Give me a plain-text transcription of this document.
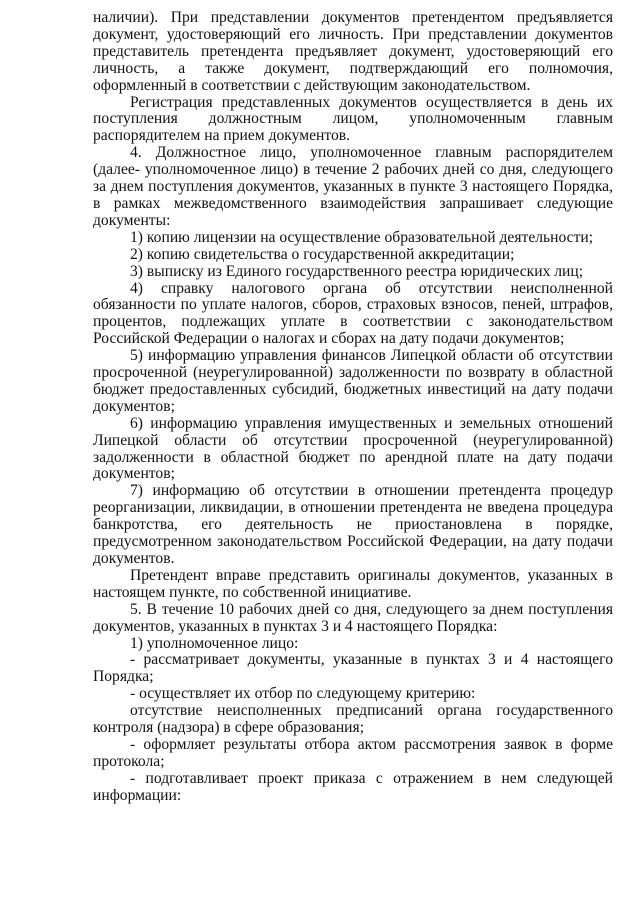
наличии). При представлении документов претендентом предъявляется документ, удостоверяющий его личность. При представлении документов представитель претендента предъявляет документ, удостоверяющий его личность, а также документ, подтверждающий его полномочия, оформленный в соответствии с действующим законодательством.

Регистрация представленных документов осуществляется в день их поступления должностным лицом, уполномоченным главным распорядителем на прием документов.

4. Должностное лицо, уполномоченное главным распорядителем (далее- уполномоченное лицо) в течение 2 рабочих дней со дня, следующего за днем поступления документов, указанных в пункте 3 настоящего Порядка, в рамках межведомственного взаимодействия запрашивает следующие документы:

1) копию лицензии на осуществление образовательной деятельности;

2) копию свидетельства о государственной аккредитации;

3) выписку из Единого государственного реестра юридических лиц;

4) справку налогового органа об отсутствии неисполненной обязанности по уплате налогов, сборов, страховых взносов, пеней, штрафов, процентов, подлежащих уплате в соответствии с законодательством Российской Федерации о налогах и сборах на дату подачи документов;

5) информацию управления финансов Липецкой области об отсутствии просроченной (неурегулированной) задолженности по возврату в областной бюджет предоставленных субсидий, бюджетных инвестиций на дату подачи документов;

6) информацию управления имущественных и земельных отношений Липецкой области об отсутствии просроченной (неурегулированной) задолженности в областной бюджет по арендной плате на дату подачи документов;

7) информацию об отсутствии в отношении претендента процедур реорганизации, ликвидации, в отношении претендента не введена процедура банкротства, его деятельность не приостановлена в порядке, предусмотренном законодательством Российской Федерации, на дату подачи документов.

Претендент вправе представить оригиналы документов, указанных в настоящем пункте, по собственной инициативе.

5. В течение 10 рабочих дней со дня, следующего за днем поступления документов, указанных в пунктах 3 и 4 настоящего Порядка:

1) уполномоченное лицо:

- рассматривает документы, указанные в пунктах 3 и 4 настоящего Порядка;

- осуществляет их отбор по следующему критерию:

отсутствие неисполненных предписаний органа государственного контроля (надзора) в сфере образования;

- оформляет результаты отбора актом рассмотрения заявок в форме протокола;

- подготавливает проект приказа с отражением в нем следующей информации:
